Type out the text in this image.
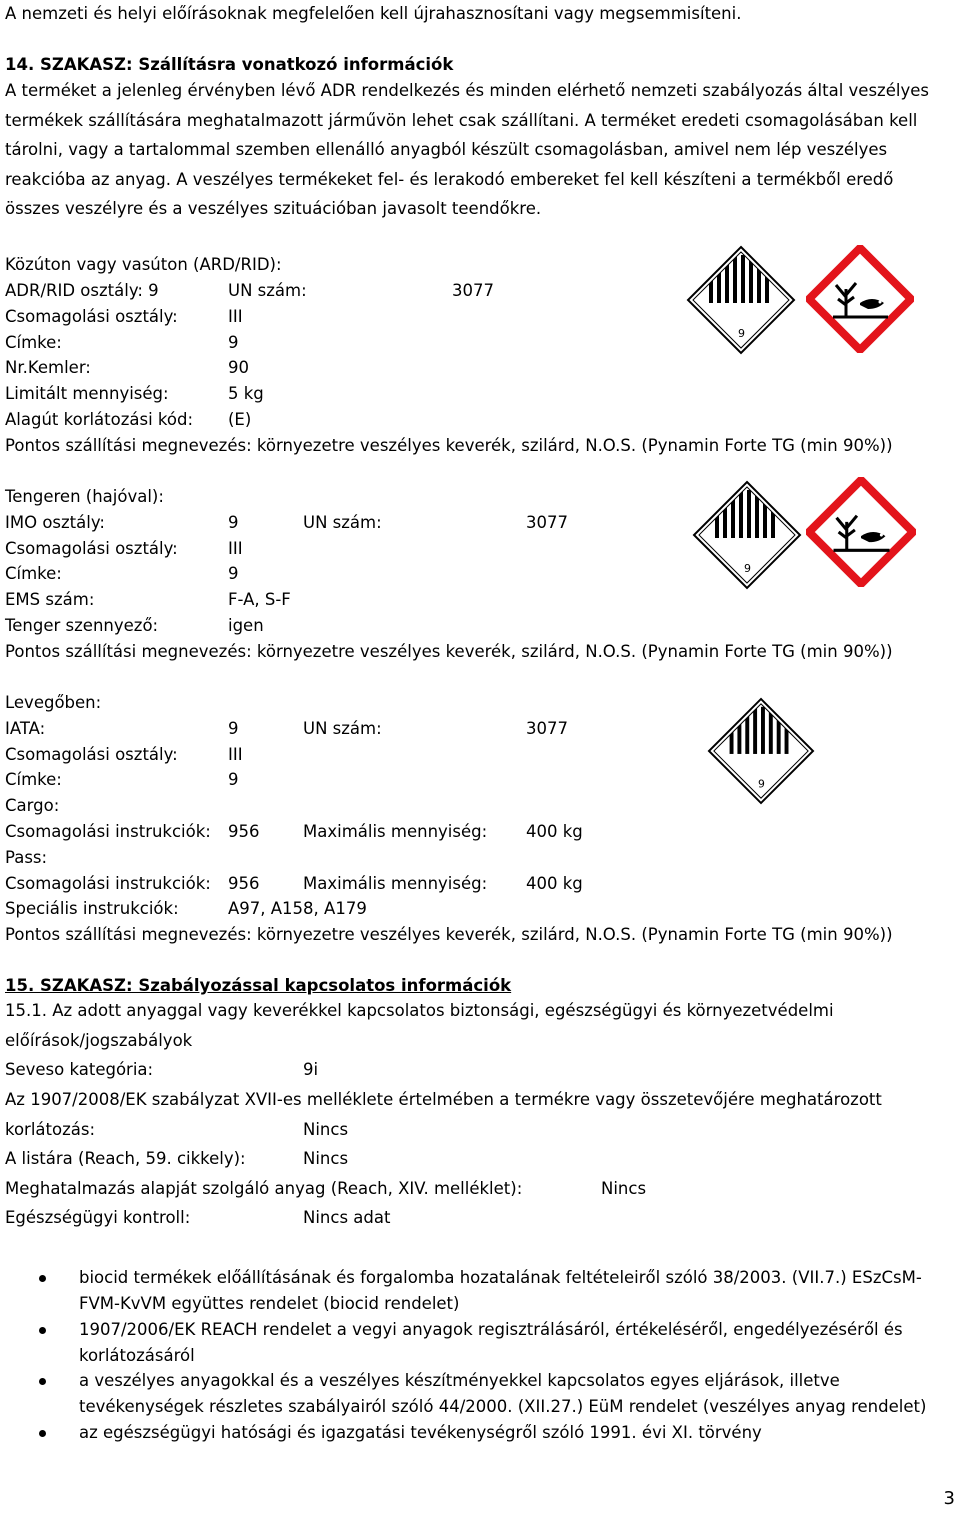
A nemzeti és helyi előírásoknak megfelelően kell újrahasznosítani vagy megsemmisíteni.
14. SZAKASZ: Szállításra vonatkozó információk
A terméket a jelenleg érvényben lévő ADR rendelkezés és minden elérhető nemzeti szabályozás által veszélyes
termékek szállítására meghatalmazott járművön lehet csak szállítani. A terméket eredeti csomagolásában kell
tárolni, vagy a tartalommal szemben ellenálló anyagból készült csomagolásban, amivel nem lép veszélyes
reakcióba az anyag. A veszélyes termékeket fel- és lerakodó embereket fel kell készíteni a termékből eredő
összes veszélyre és a veszélyes szituációban javasolt teendőkre.
Közúton vagy vasúton (ARD/RID):
ADR/RID osztály: 9	UN szám:	3077
Csomagolási osztály:	III
Címke:	9
Nr.Kemler:	90
Limitált mennyiség:	5 kg
Alagút korlátozási kód: (E)
Pontos szállítási megnevezés: környezetre veszélyes keverék, szilárd, N.O.S. (Pynamin Forte TG (min 90%))
Tengeren (hajóval):
IMO osztály:	9	UN szám:	3077
Csomagolási osztály:	III
Címke:	9
EMS szám:	F-A, S-F
Tenger szennyező:	igen
Pontos szállítási megnevezés: környezetre veszélyes keverék, szilárd, N.O.S. (Pynamin Forte TG (min 90%))
Levegőben:
IATA:	9	UN szám:	3077
Csomagolási osztály:	III
Címke:	9
Cargo:
Csomagolási instrukciók: 956	Maximális mennyiség: 400 kg
Pass:
Csomagolási instrukciók: 956	Maximális mennyiség: 400 kg
Speciális instrukciók:	A97, A158, A179
Pontos szállítási megnevezés: környezetre veszélyes keverék, szilárd, N.O.S. (Pynamin Forte TG (min 90%))
15. SZAKASZ: Szabályozással kapcsolatos információk
15.1. Az adott anyaggal vagy keverékkel kapcsolatos biztonsági, egészségügyi és környezetvédelmi
előírások/jogszabályok
Seveso kategória:	9i
Az 1907/2008/EK szabályzat XVII-es melléklete értelmében a termékre vagy összetevőjére meghatározott
korlátozás:	Nincs
A listára (Reach, 59. cikkely):	Nincs
Meghatalmazás alapját szolgáló anyag (Reach, XIV. melléklet):	Nincs
Egészségügyi kontroll:	Nincs adat
biocid termékek előállításának és forgalomba hozatalának feltételeiről szóló 38/2003. (VII.7.) ESzCsM-
FVM-KvVM együttes rendelet (biocid rendelet)
1907/2006/EK REACH rendelet a vegyi anyagok regisztrálásáról, értékeléséről, engedélyezéséről és
korlátozásáról
a veszélyes anyagokkal és a veszélyes készítményekkel kapcsolatos egyes eljárások, illetve
tevékenységek részletes szabályairól szóló 44/2000. (XII.27.) EüM rendelet (veszélyes anyag rendelet)
az egészségügyi hatósági és igazgatási tevékenységről szóló 1991. évi XI. törvény
3
9
9
9
